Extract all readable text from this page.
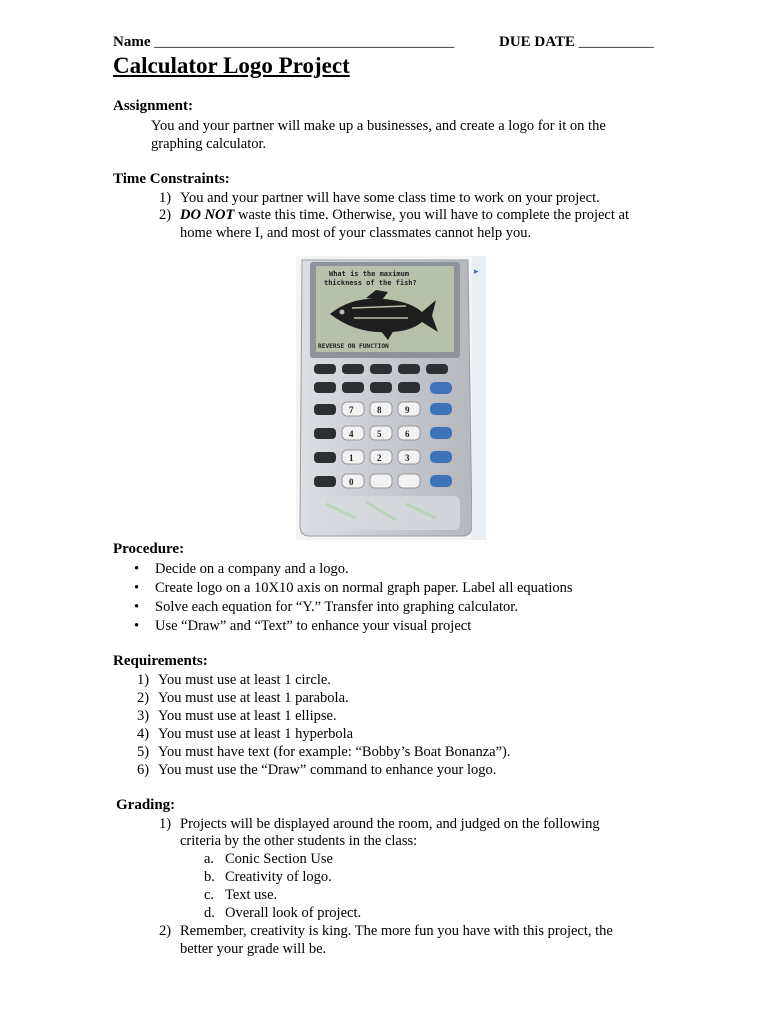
Name ________________________________________	DUE DATE __________
Calculator Logo Project
Assignment:
You and your partner will make up a businesses, and create a logo for it on the
graphing calculator.
Time Constraints:
1) You and your partner will have some class time to work on your project.
2) DO NOT waste this time. Otherwise, you will have to complete the project at
home where I, and most of your classmates cannot help you.
▸
What is the maximum
thickness of the fish?
REVERSE ON FUNCTION
7	8	9
4	5	6
1	2	3
0
Procedure:
• Decide on a company and a logo.
• Create logo on a 10X10 axis on normal graph paper. Label all equations
• Solve each equation for “Y.” Transfer into graphing calculator.
• Use “Draw” and “Text” to enhance your visual project
Requirements:
1) You must use at least 1 circle.
2) You must use at least 1 parabola.
3) You must use at least 1 ellipse.
4) You must use at least 1 hyperbola
5) You must have text (for example: “Bobby’s Boat Bonanza”).
6) You must use the “Draw” command to enhance your logo.
Grading:
1) Projects will be displayed around the room, and judged on the following
criteria by the other students in the class:
a. Conic Section Use
b. Creativity of logo.
c. Text use.
d. Overall look of project.
2) Remember, creativity is king. The more fun you have with this project, the
better your grade will be.
